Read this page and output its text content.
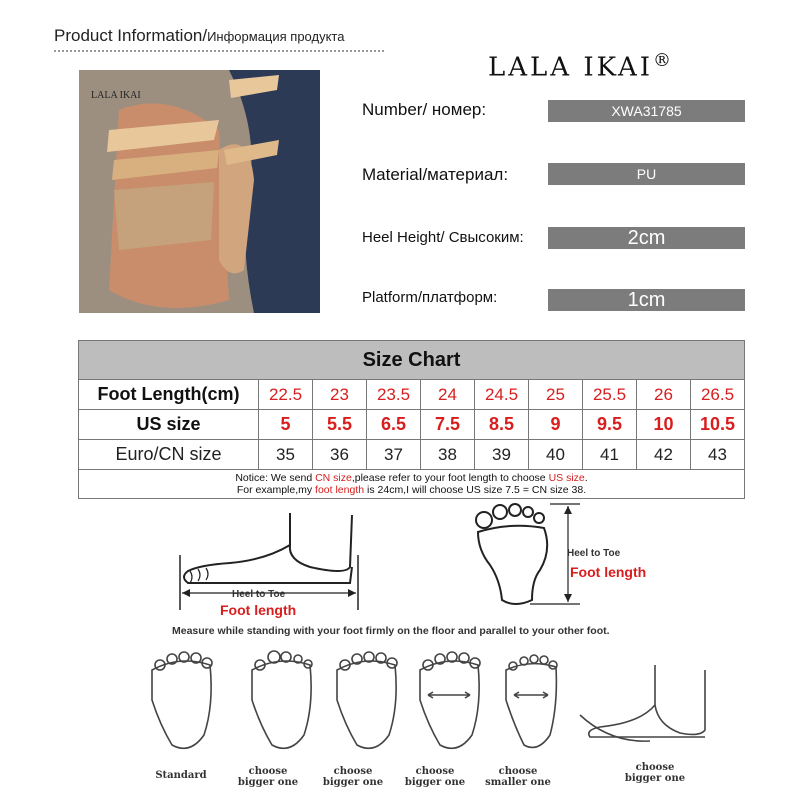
Product Information/Информация продукта
LALA IKAI®
LALA IKAI
Number/ номер:	XWA31785
Material/материал:	PU
Heel Height/ Свысоким:	2cm
Platform/платформ:	1cm
Size Chart									
Foot Length(cm)	22.5	23	23.5	24	24.5	25	25.5	26	26.5
US size	5	5.5	6.5	7.5	8.5	9	9.5	10	10.5
Euro/CN size	35	36	37	38	39	40	41	42	43
Notice: We send CN size,please refer to your foot length to choose US size.
For example,my foot length is 24cm,I will choose US size 7.5 = CN size 38.									
Heel to Toe
Foot length
Heel to Toe
Foot length
Measure while standing with your foot firmly on the floor and parallel to your other foot.
Standard	choose
bigger one
choose
bigger one
choose
bigger one
choose
smaller one
choose
bigger one
